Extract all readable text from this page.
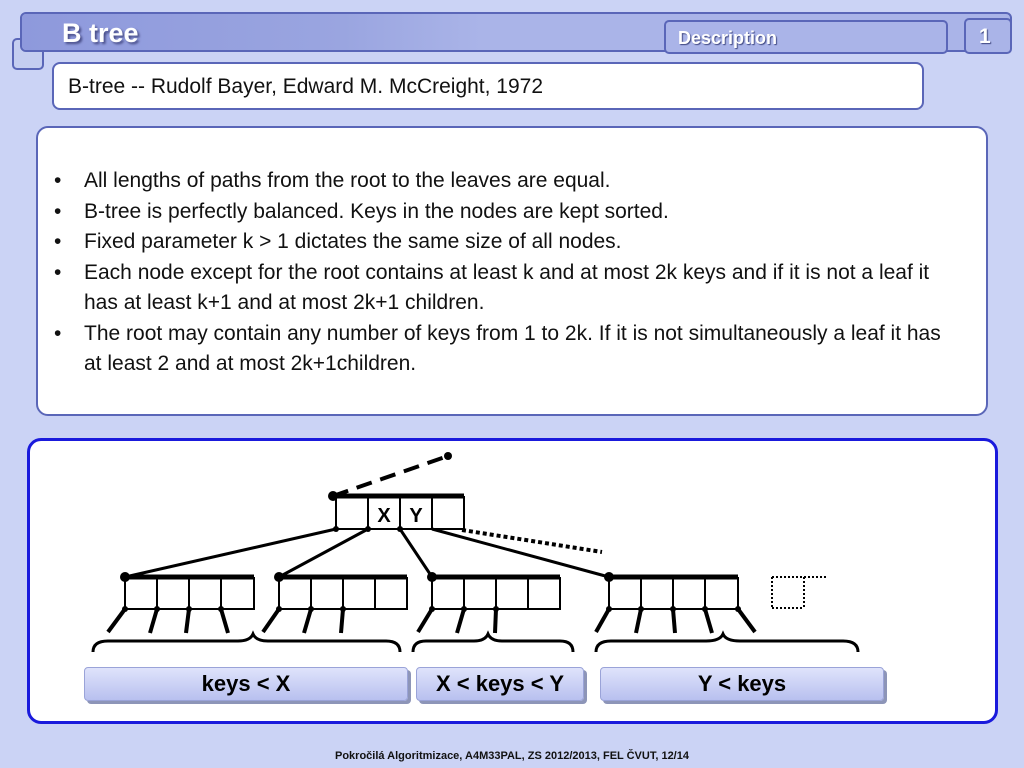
B tree	Description	1
B-tree -- Rudolf Bayer, Edward M. McCreight, 1972
• All lengths of paths from the root to the leaves are equal.
• B-tree is perfectly balanced. Keys in the nodes are kept sorted.
• Fixed parameter k > 1 dictates the same size of all nodes.
• Each node except for the root contains at least k and at most 2k keys and if it is not a leaf it has at least k+1 and at most 2k+1 children.
• The root may contain any number of keys from 1 to 2k. If it is not simultaneously a leaf it has at least 2 and at most 2k+1children.
X Y
keys < X	X < keys < Y	Y < keys
Pokročilá Algoritmizace, A4M33PAL, ZS 2012/2013, FEL ČVUT, 12/14
